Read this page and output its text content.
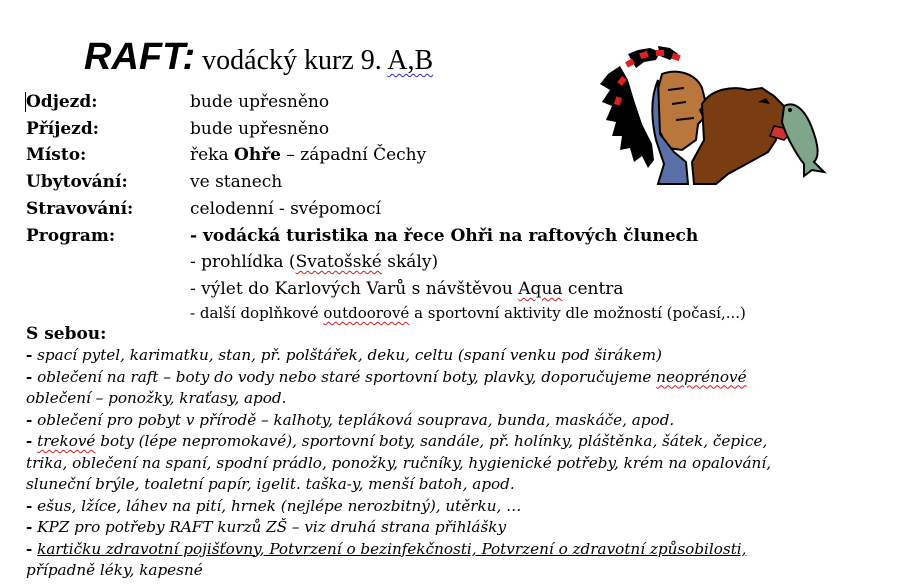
RAFT: vodácký kurz 9. A,B
Odjezd:	bude upřesněno
Příjezd:	bude upřesněno
Místo:	řeka Ohře – západní Čechy
Ubytování:	ve stanech
Stravování:	celodenní - svépomocí
Program:	- vodácká turistika na řece Ohři na raftových člunech
- prohlídka (Svatošské skály)
- výlet do Karlových Varů s návštěvou Aqua centra
- další doplňkové outdoorové a sportovní aktivity dle možností (počasí,...)
S sebou:
- spací pytel, karimatku, stan, př. polštářek, deku, celtu (spaní venku pod širákem)
- oblečení na raft – boty do vody nebo staré sportovní boty, plavky, doporučujeme neoprénové
oblečení – ponožky, kraťasy, apod.
- oblečení pro pobyt v přírodě – kalhoty, tepláková souprava, bunda, maskáče, apod.
- trekové boty (lépe nepromokavé), sportovní boty, sandále, př. holínky, pláštěnka, šátek, čepice,
trika, oblečení na spaní, spodní prádlo, ponožky, ručníky, hygienické potřeby, krém na opalování,
sluneční brýle, toaletní papír, igelit. taška-y, menší batoh, apod.
- ešus, lžíce, láhev na pití, hrnek (nejlépe nerozbitný), utěrku, …
- KPZ pro potřeby RAFT kurzů ZŠ – viz druhá strana přihlášky
- kartičku zdravotní pojišťovny, Potvrzení o bezinfekčnosti, Potvrzení o zdravotní způsobilosti,
případně léky, kapesné
